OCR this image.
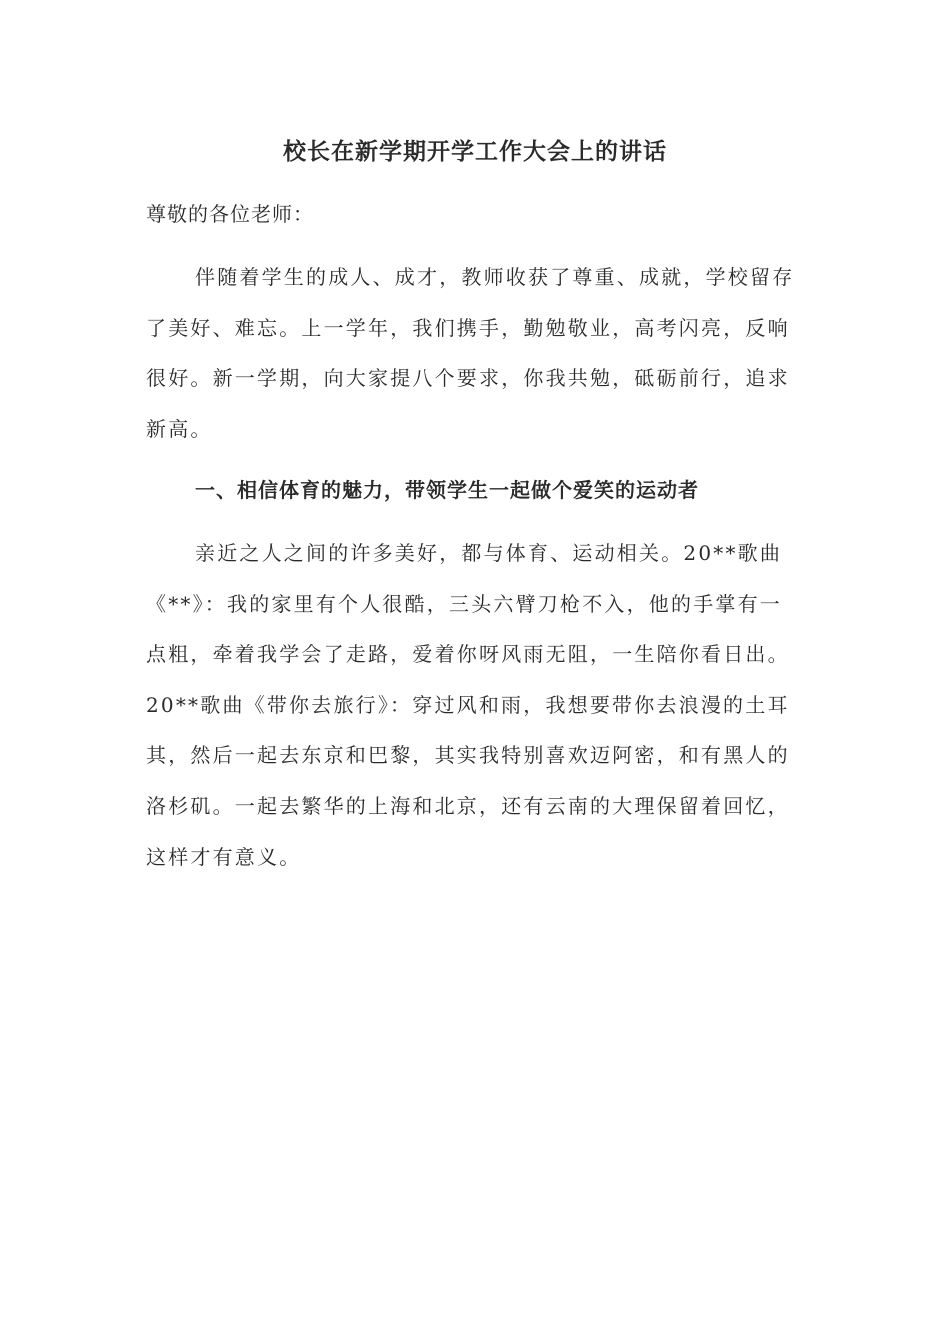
校长在新学期开学工作大会上的讲话

尊敬的各位老师：

伴随着学生的成人、成才，教师收获了尊重、成就，学校留存
了美好、难忘。上一学年，我们携手，勤勉敬业，高考闪亮，反响
很好。新一学期，向大家提八个要求，你我共勉，砥砺前行，追求
新高。
一、相信体育的魅力，带领学生一起做个爱笑的运动者
亲近之人之间的许多美好，都与体育、运动相关。20**歌曲
《**》：我的家里有个人很酷，三头六臂刀枪不入，他的手掌有一
点粗，牵着我学会了走路，爱着你呀风雨无阻，一生陪你看日出。
20**歌曲《带你去旅行》：穿过风和雨，我想要带你去浪漫的土耳
其，然后一起去东京和巴黎，其实我特别喜欢迈阿密，和有黑人的
洛杉矶。一起去繁华的上海和北京，还有云南的大理保留着回忆，
这样才有意义。
